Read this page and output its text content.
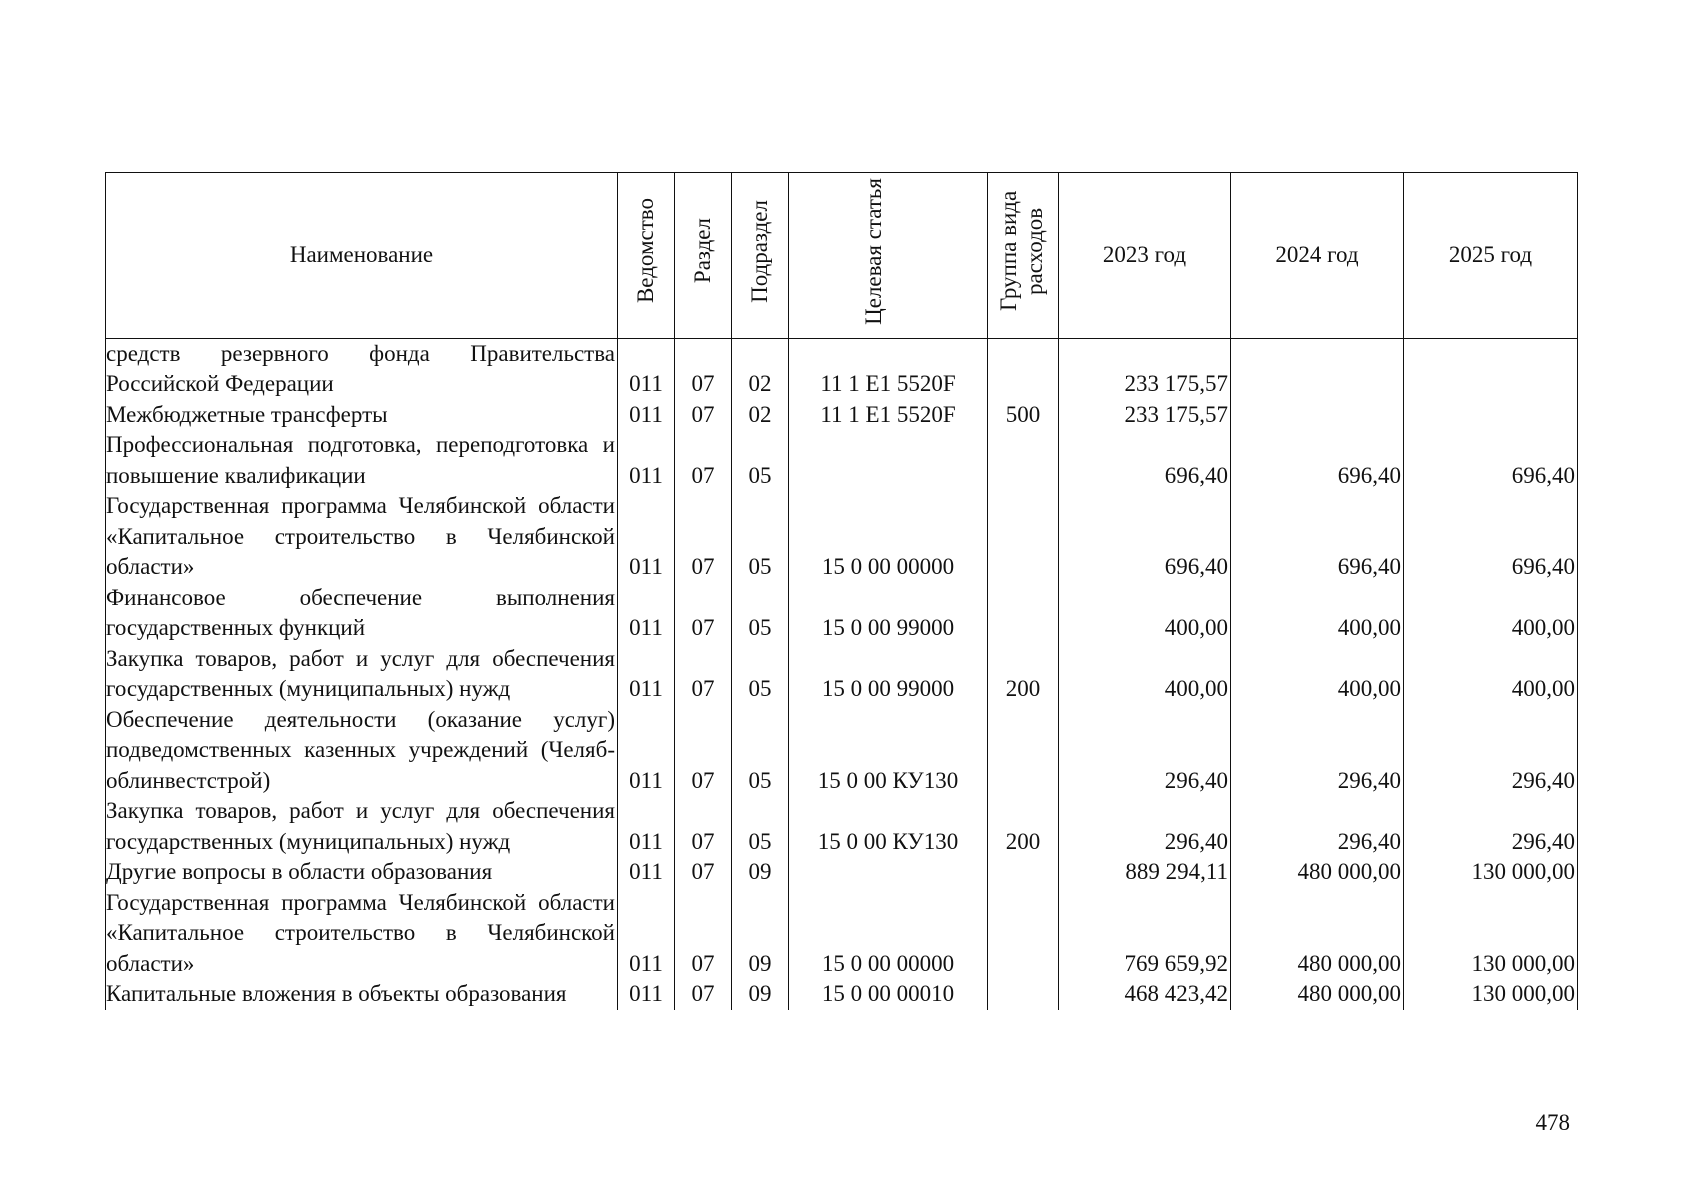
Наименование	Ведомство	Раздел	Подраздел	Целевая статья	Группа вида расходов	2023 год	2024 год	2025 год
средств резервного фонда Правительства Российской Федерации	011	07	02	11 1 E1 5520F		233 175,57		
Межбюджетные трансферты	011	07	02	11 1 E1 5520F	500	233 175,57		
Профессиональная подготовка, переподготовка и повышение квалификации	011	07	05			696,40	696,40	696,40
Государственная программа Челябинской области «Капитальное строительство в Челябинской области»	011	07	05	15 0 00 00000		696,40	696,40	696,40
Финансовое обеспечение выполнения государственных функций	011	07	05	15 0 00 99000		400,00	400,00	400,00
Закупка товаров, работ и услуг для обеспечения государственных (муниципальных) нужд	011	07	05	15 0 00 99000	200	400,00	400,00	400,00
Обеспечение деятельности (оказание услуг) подведомственных казенных учреждений (Челябоблинвестстрой)	011	07	05	15 0 00 КУ130		296,40	296,40	296,40
Закупка товаров, работ и услуг для обеспечения государственных (муниципальных) нужд	011	07	05	15 0 00 КУ130	200	296,40	296,40	296,40
Другие вопросы в области образования	011	07	09			889 294,11	480 000,00	130 000,00
Государственная программа Челябинской области «Капитальное строительство в Челябинской области»	011	07	09	15 0 00 00000		769 659,92	480 000,00	130 000,00
Капитальные вложения в объекты образования	011	07	09	15 0 00 00010		468 423,42	480 000,00	130 000,00
478
